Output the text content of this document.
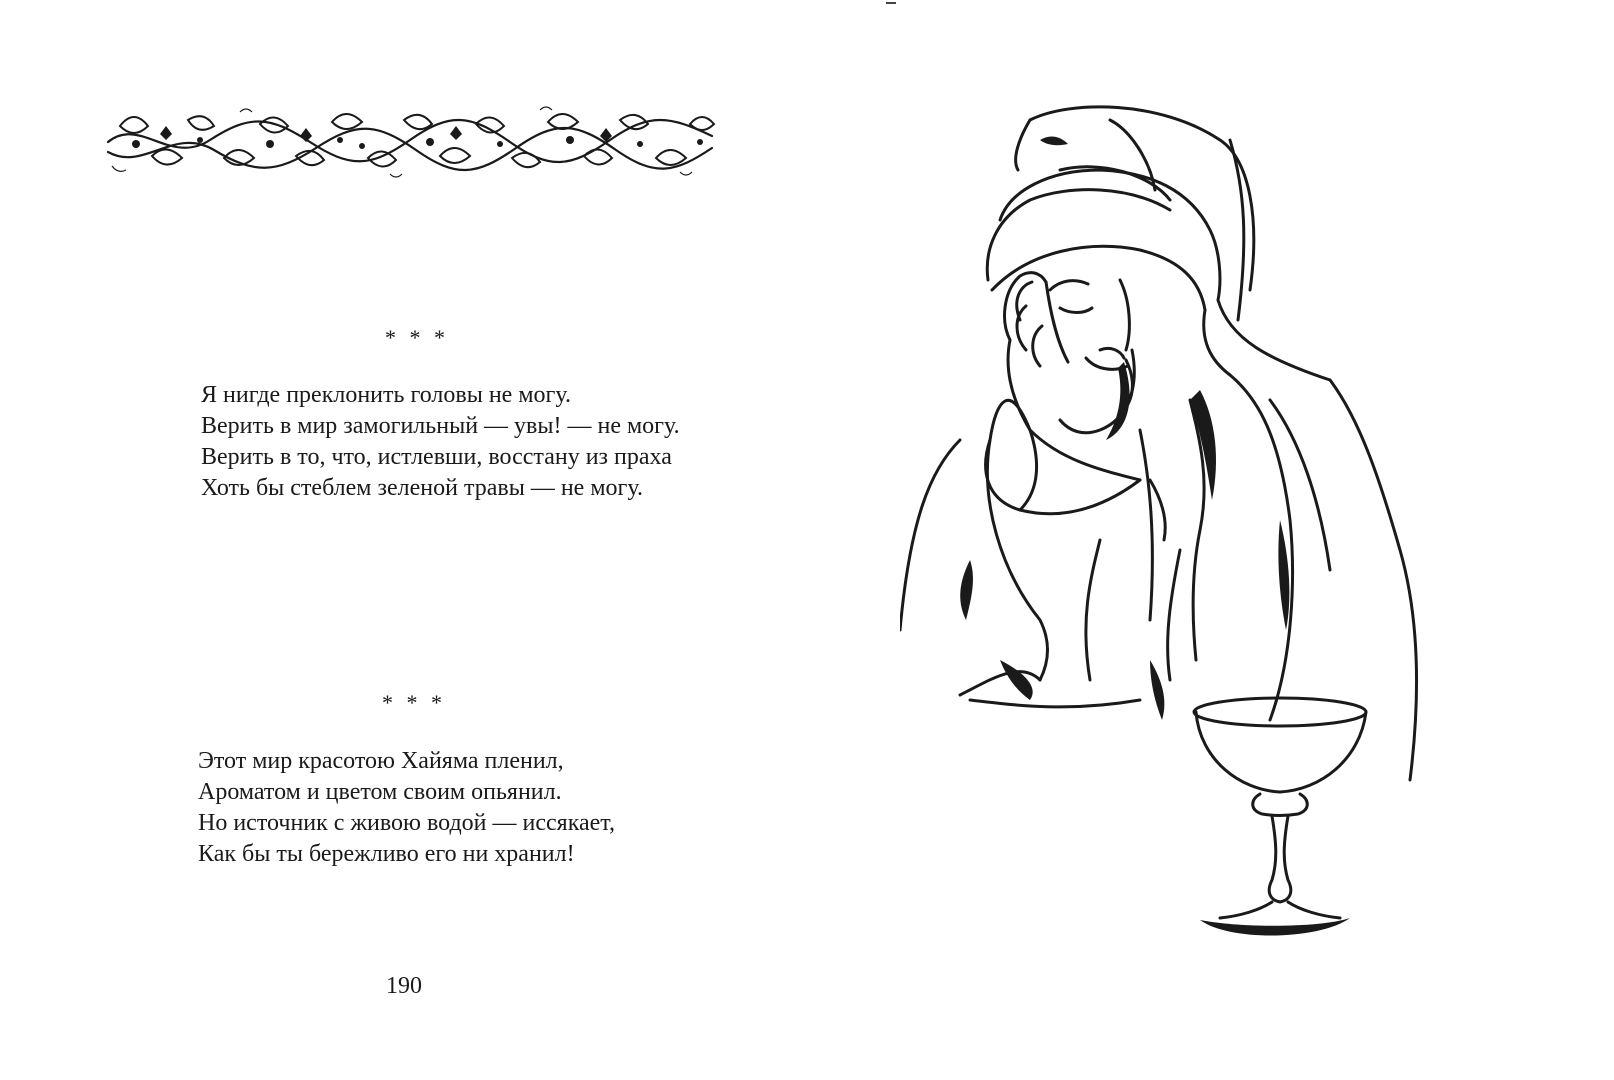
* * *
Я нигде преклонить головы не могу.
Верить в мир замогильный — увы! — не могу.
Верить в то, что, истлевши, восстану из праха
Хоть бы стеблем зеленой травы — не могу.
* * *
Этот мир красотою Хайяма пленил,
Ароматом и цветом своим опьянил.
Но источник с живою водой — иссякает,
Как бы ты бережливо его ни хранил!
190
